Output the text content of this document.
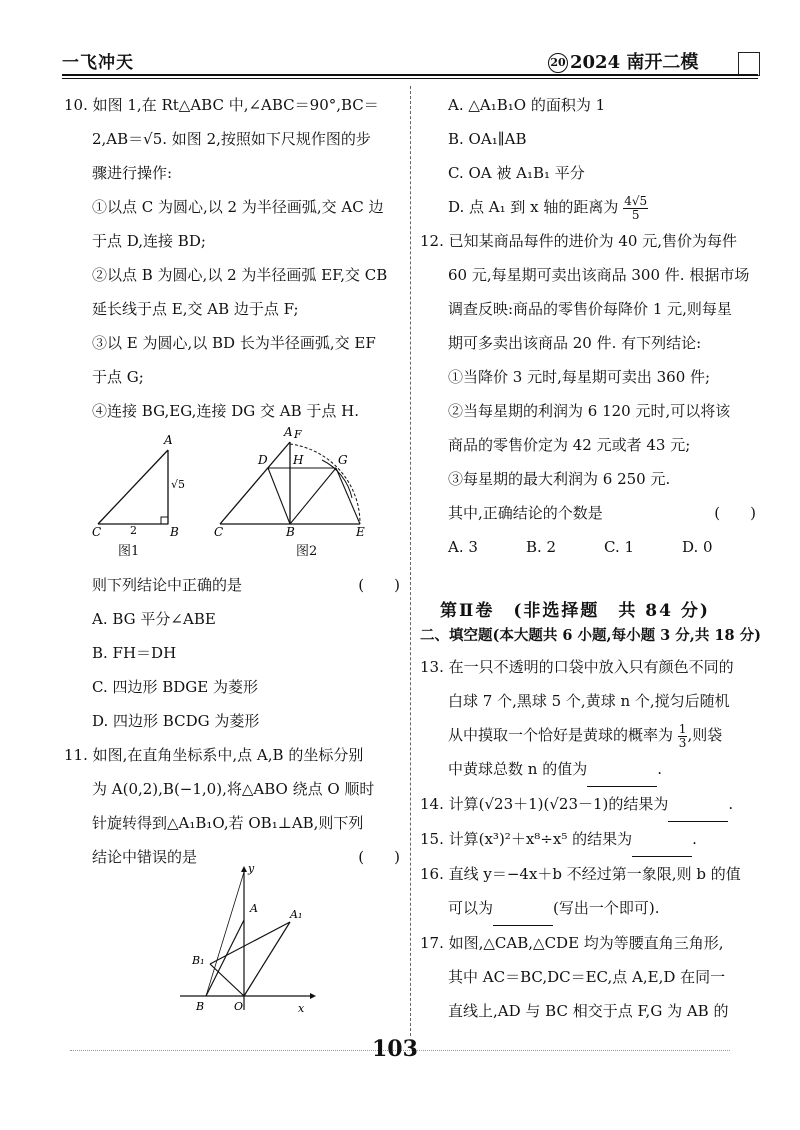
一飞冲天	20 2024 南开二模

10. 如图 1,在 Rt△ABC 中,∠ABC＝90°,BC＝

2,AB＝√5. 如图 2,按照如下尺规作图的步

骤进行操作:

①以点 C 为圆心,以 2 为半径画弧,交 AC 边

于点 D,连接 BD;

②以点 B 为圆心,以 2 为半径画弧 EF,交 CB

延长线于点 E,交 AB 边于点 F;

③以 E 为圆心,以 BD 长为半径画弧,交 EF

于点 G;

④连接 BG,EG,连接 DG 交 AB 于点 H.

A
B
C
√5
2
图1
A F
D H	G
C	B	E
图2

则下列结论中正确的是	(　　)

A. BG 平分∠ABE

B. FH＝DH

C. 四边形 BDGE 为菱形

D. 四边形 BCDG 为菱形

11. 如图,在直角坐标系中,点 A,B 的坐标分别

为 A(0,2),B(−1,0),将△ABO 绕点 O 顺时

针旋转得到△A₁B₁O,若 OB₁⊥AB,则下列

结论中错误的是	(　　)

y
x
A	A₁
B₁
B	O

A. △A₁B₁O 的面积为 1

B. OA₁∥AB

C. OA 被 A₁B₁ 平分

D. 点 A₁ 到 x 轴的距离为 $\frac{4√5}{5}$

12. 已知某商品每件的进价为 40 元,售价为每件

60 元,每星期可卖出该商品 300 件. 根据市场

调查反映:商品的零售价每降价 1 元,则每星

期可多卖出该商品 20 件. 有下列结论:

①当降价 3 元时,每星期可卖出 360 件;

②当每星期的利润为 6 120 元时,可以将该

商品的零售价定为 42 元或者 43 元;

③每星期的最大利润为 6 250 元.

其中,正确结论的个数是	(　　)

A. 3	B. 2	C. 1	D. 0

第Ⅱ卷　(非选择题　共 84 分)
二、填空题(本大题共 6 小题,每小题 3 分,共 18 分)

13. 在一只不透明的口袋中放入只有颜色不同的

白球 7 个,黑球 5 个,黄球 n 个,搅匀后随机

从中摸取一个恰好是黄球的概率为 $\frac{1}{3}$ ,则袋

中黄球总数 n 的值为	.

14. 计算(√23＋1)(√23－1)的结果为	.

15. 计算(x³)²＋x⁸÷x⁵ 的结果为	.

16. 直线 y＝−4x＋b 不经过第一象限,则 b 的值

可以为	(写出一个即可).

17. 如图,△CAB,△CDE 均为等腰直角三角形,

其中 AC＝BC,DC＝EC,点 A,E,D 在同一

直线上,AD 与 BC 相交于点 F,G 为 AB 的

103
